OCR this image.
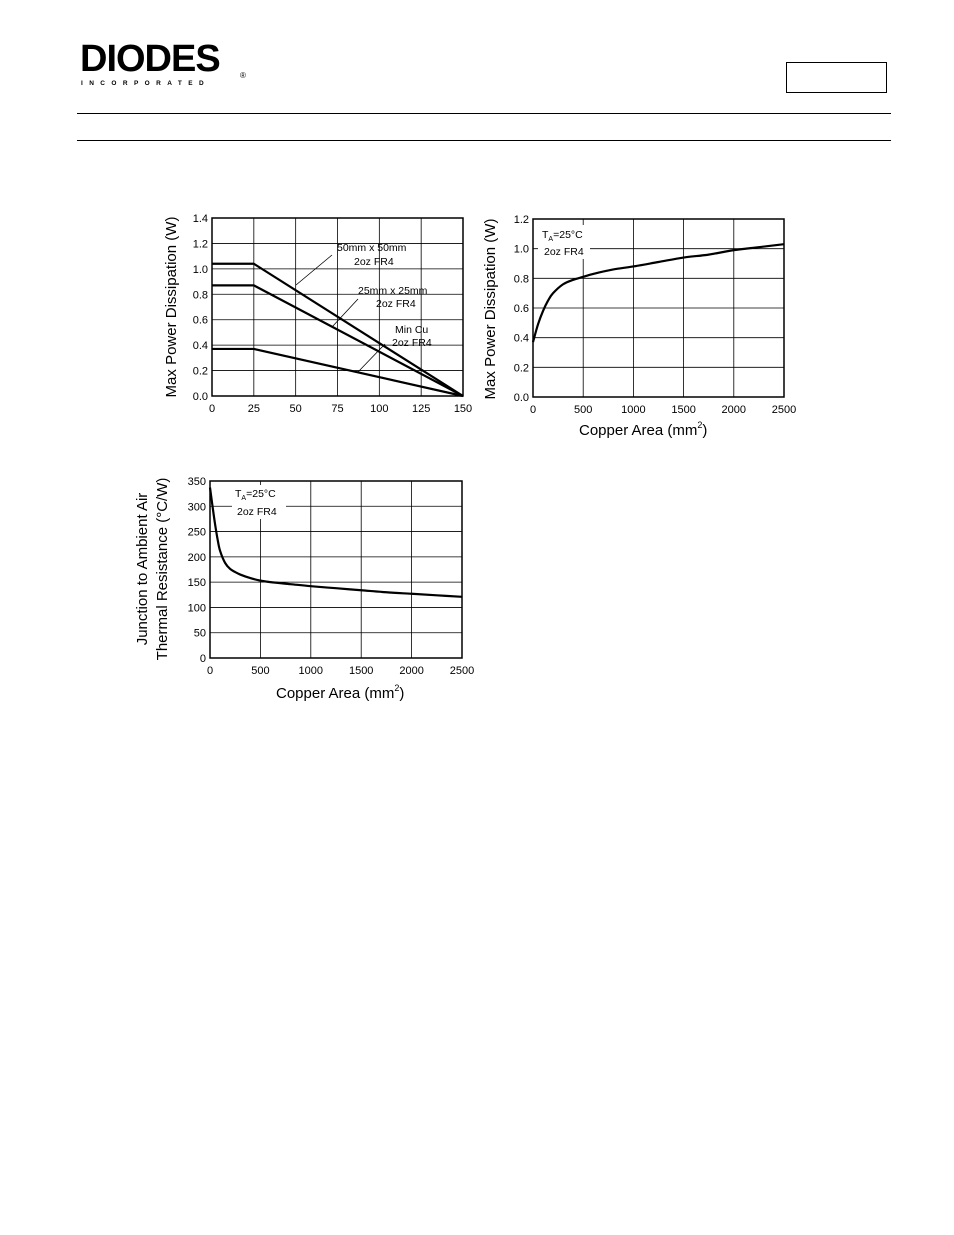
DIODES	®
INCORPORATED
0	25	50	75 100 125 150
0.0
0.2
0.4
0.6
0.8
1.0
1.2
1.4
50mm x 50mm
2oz FR4
25mm x 25mm
2oz FR4
Min Cu
2oz FR4
Max Power Dissipation (W)
0	500	1000 1500 2000 2500
0.0
0.2
0.4
0.6
0.8
1.0
1.2
$T_A=25^\circ C$
2oz FR4
Max Power Dissipation (W)
Copper Area $(mm^2)$
0	500	1000 1500 2000 2500
0
50
100
150
200
250
300
350
$T_A=25^\circ C$
2oz FR4
Junction to Ambient Air Thermal Resistance (°C/W)
Copper Area $(mm^2)$
